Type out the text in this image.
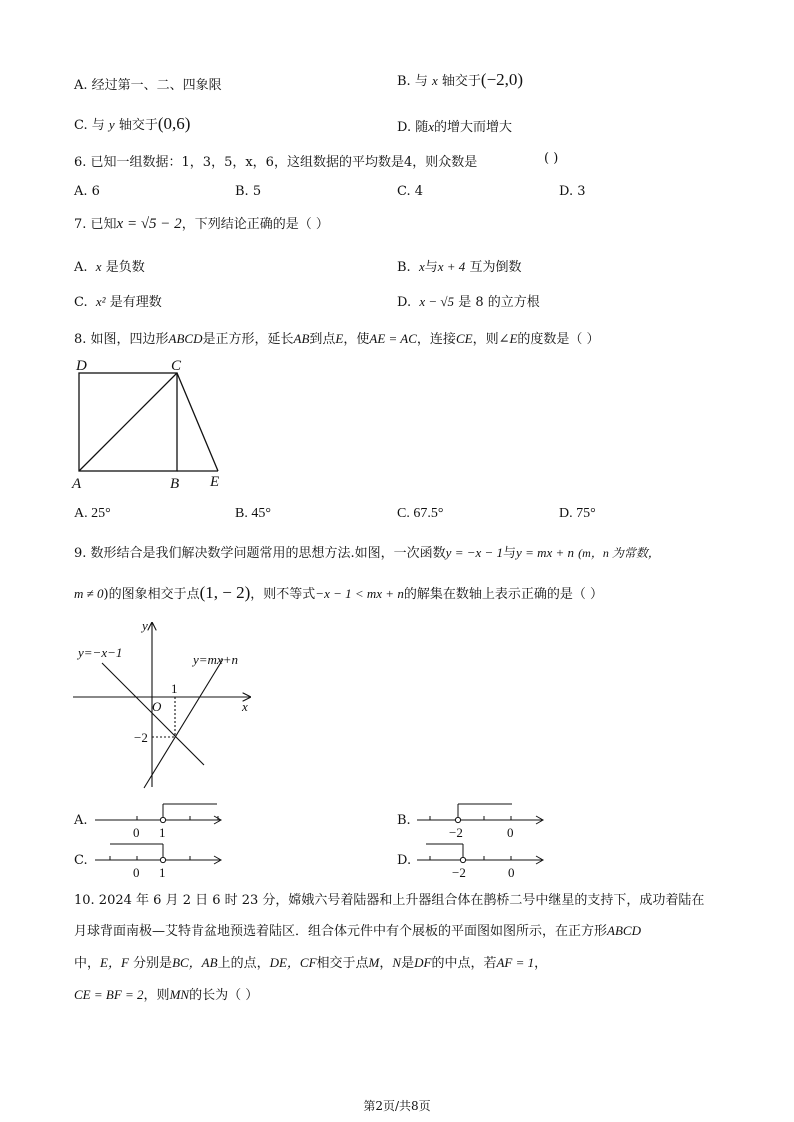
A. 经过第一、二、四象限	B. 与 x 轴交于(−2,0)
C. 与 y 轴交于(0,6)	D. 随x的增大而增大
6. 已知一组数据：1，3，5，x，6，这组数据的平均数是4，则众数是	( )
A. 6	B. 5	C. 4	D. 3
7. 已知x = √5 − 2，下列结论正确的是（ ）
A. x 是负数	B. x与x + 4 互为倒数
C. x² 是有理数	D. x − √5 是 8 的立方根
8. 如图，四边形ABCD是正方形，延长AB到点E，使AE = AC，连接CE，则∠E的度数是（ ）
D	C
A	B E
A. 25°	B. 45°	C. 67.5°	D. 75°
9. 数形结合是我们解决数学问题常用的思想方法.如图，一次函数y = −x − 1与y = mx + n (m，n 为常数，
m ≠ 0)的图象相交于点(1, − 2)，则不等式−x − 1 < mx + n的解集在数轴上表示正确的是（ ）
y
x
O
1
−2
y=−x−1	y=mx+n
A.
0 1
B.
−2	0
C.
0 1
D.
−2	0
10. 2024 年 6 月 2 日 6 时 23 分，嫦娥六号着陆器和上升器组合体在鹊桥二号中继星的支持下，成功着陆在
月球背面南极—艾特肯盆地预选着陆区．组合体元件中有个展板的平面图如图所示，在正方形ABCD
中，E，F 分别是BC，AB上的点，DE，CF相交于点M，N是DF的中点，若AF = 1，
CE = BF = 2，则MN的长为（ ）
第2页/共8页
